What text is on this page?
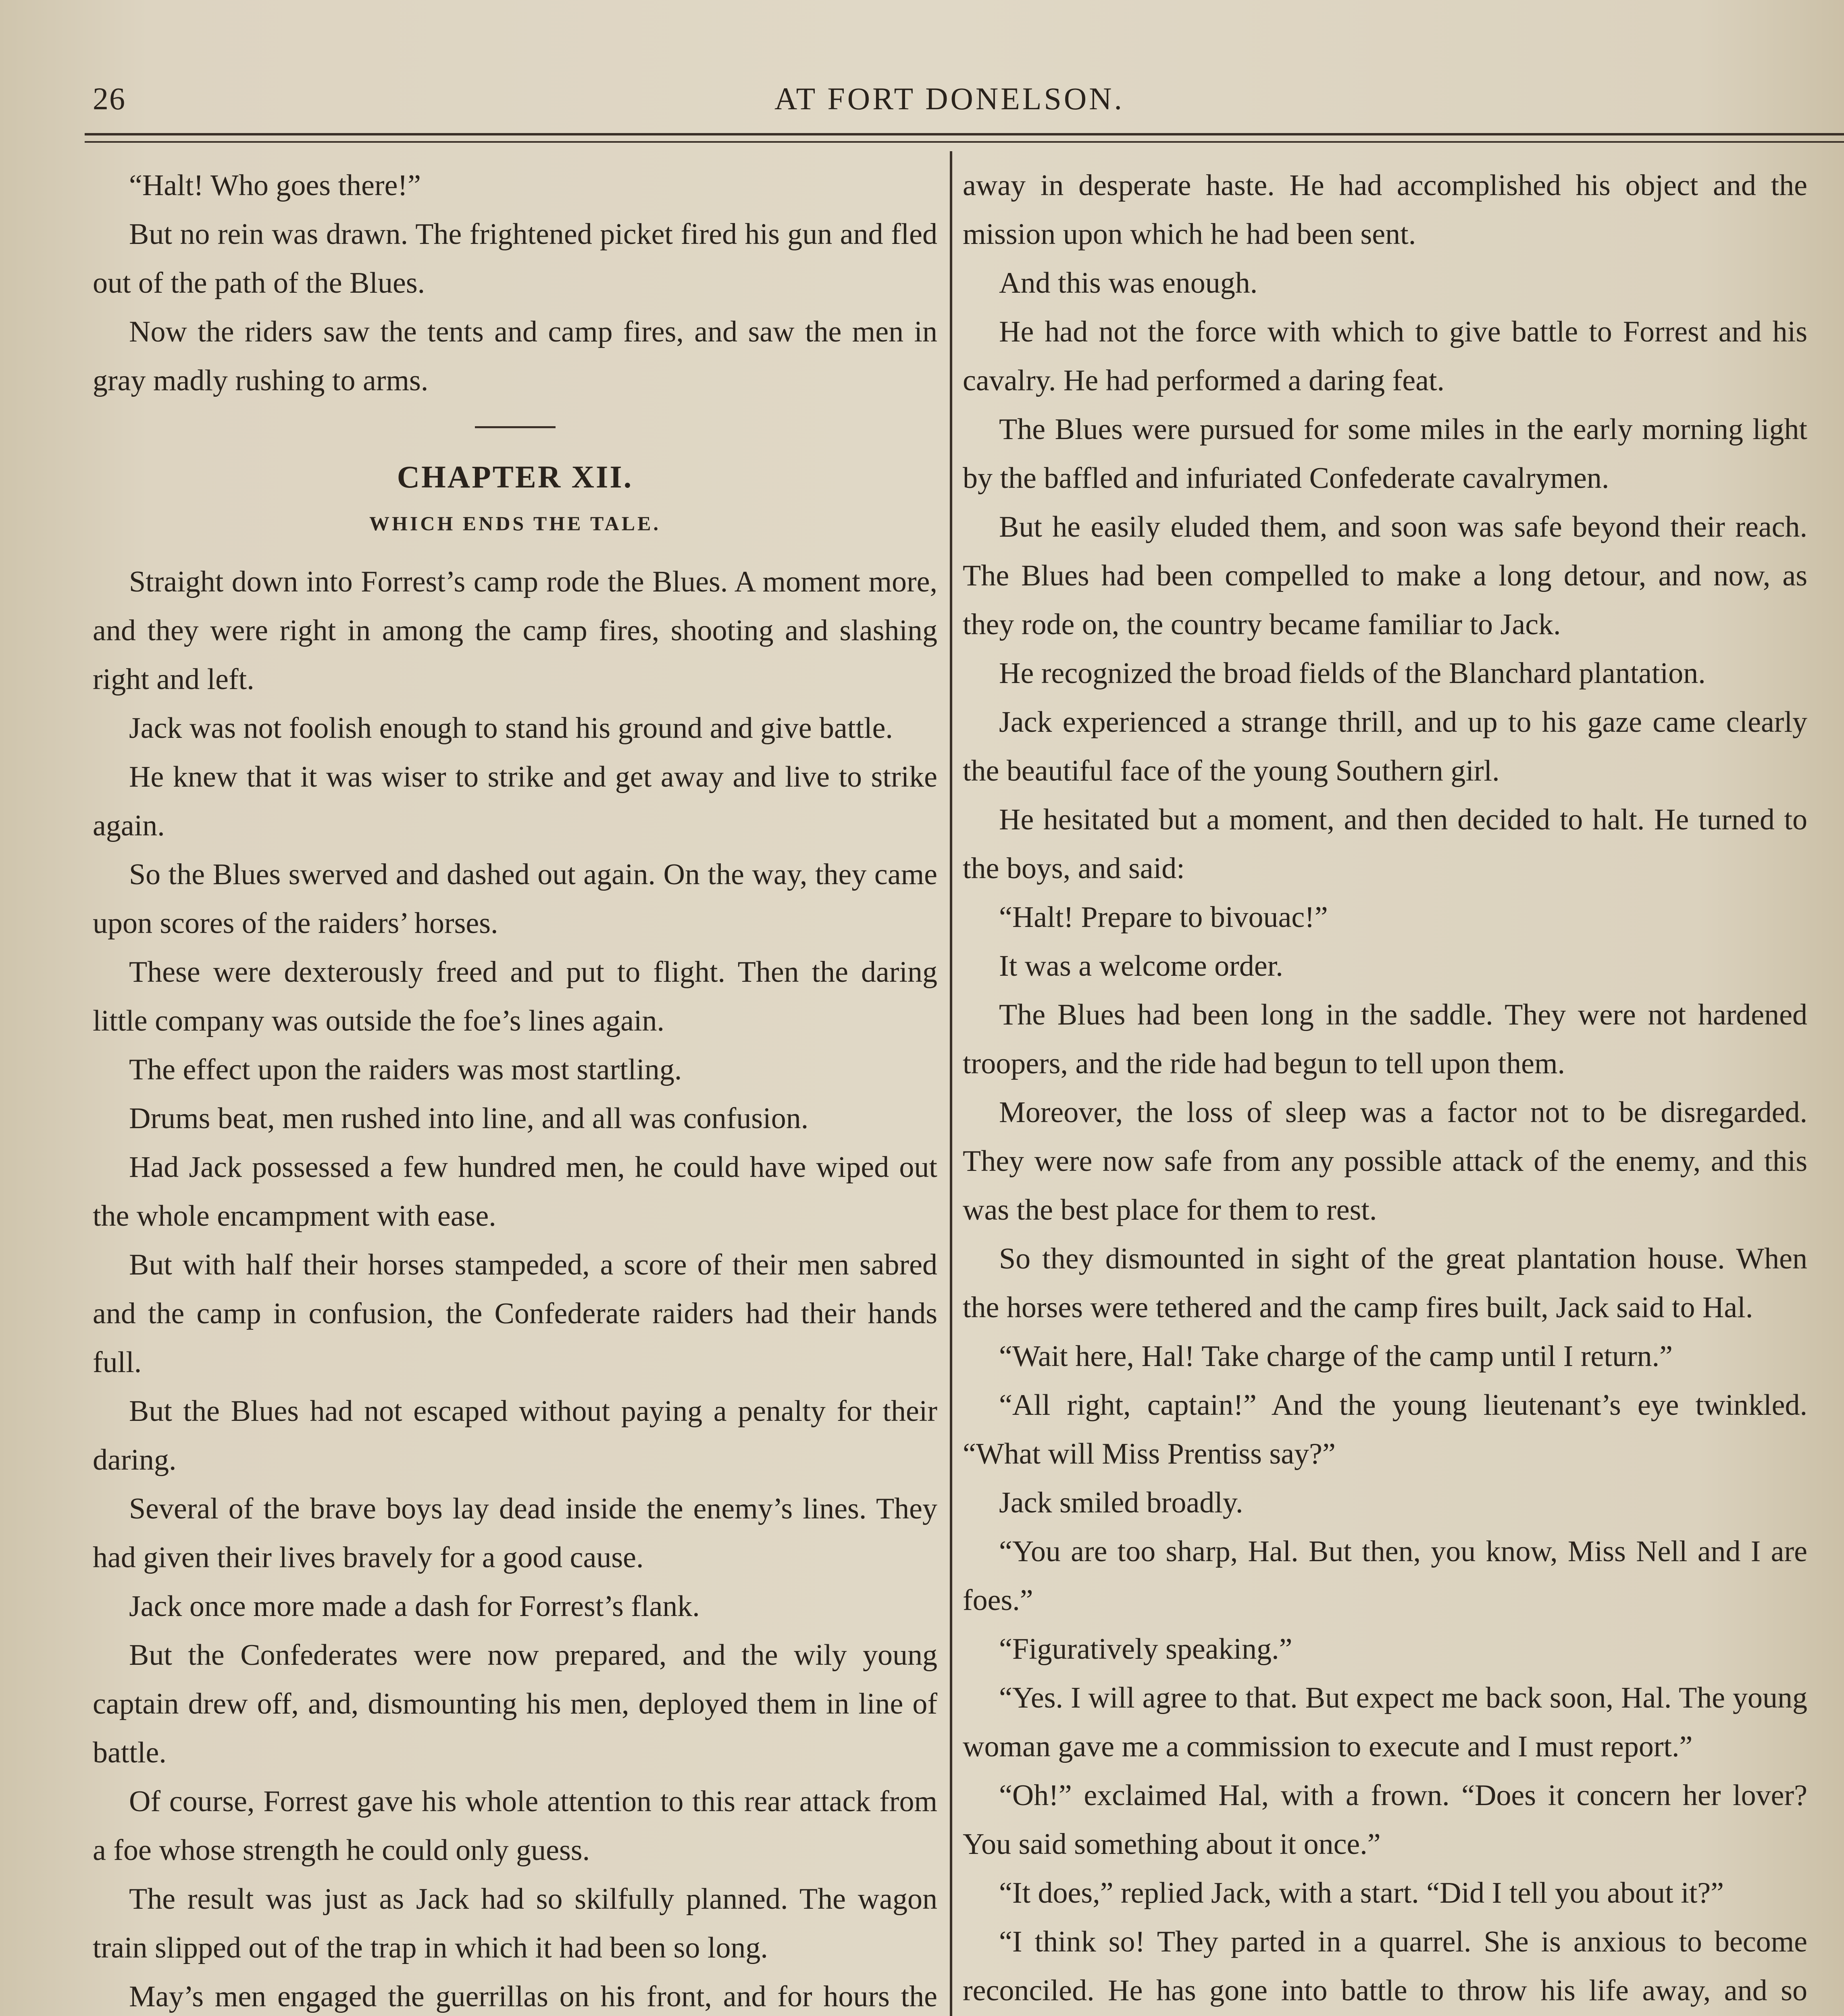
26	AT FORT DONELSON.

“Halt! Who goes there!”

But no rein was drawn. The frightened picket fired his gun and fled out of the path of the Blues.

Now the riders saw the tents and camp fires, and saw the men in gray madly rushing to arms.

CHAPTER XII.
WHICH ENDS THE TALE.

Straight down into Forrest’s camp rode the Blues. A moment more, and they were right in among the camp fires, shooting and slashing right and left.

Jack was not foolish enough to stand his ground and give battle.

He knew that it was wiser to strike and get away and live to strike again.

So the Blues swerved and dashed out again. On the way, they came upon scores of the raiders’ horses.

These were dexterously freed and put to flight. Then the daring little company was outside the foe’s lines again.

The effect upon the raiders was most startling.

Drums beat, men rushed into line, and all was confusion.

Had Jack possessed a few hundred men, he could have wiped out the whole encampment with ease.

But with half their horses stampeded, a score of their men sabred and the camp in confusion, the Confederate raiders had their hands full.

But the Blues had not escaped without paying a penalty for their daring.

Several of the brave boys lay dead inside the enemy’s lines. They had given their lives bravely for a good cause.

Jack once more made a dash for Forrest’s flank.

But the Confederates were now prepared, and the wily young captain drew off, and, dismounting his men, deployed them in line of battle.

Of course, Forrest gave his whole attention to this rear attack from a foe whose strength he could only guess.

The result was just as Jack had so skilfully planned. The wagon train slipped out of the trap in which it had been so long.

May’s men engaged the guerrillas on his front, and for hours the

away in desperate haste. He had accomplished his object and the mission upon which he had been sent.

And this was enough.

He had not the force with which to give battle to Forrest and his cavalry. He had performed a daring feat.

The Blues were pursued for some miles in the early morning light by the baffled and infuriated Confederate cavalrymen.

But he easily eluded them, and soon was safe beyond their reach. The Blues had been compelled to make a long detour, and now, as they rode on, the country became familiar to Jack.

He recognized the broad fields of the Blanchard plantation.

Jack experienced a strange thrill, and up to his gaze came clearly the beautiful face of the young Southern girl.

He hesitated but a moment, and then decided to halt. He turned to the boys, and said:

“Halt! Prepare to bivouac!”

It was a welcome order.

The Blues had been long in the saddle. They were not hardened troopers, and the ride had begun to tell upon them.

Moreover, the loss of sleep was a factor not to be disregarded. They were now safe from any possible attack of the enemy, and this was the best place for them to rest.

So they dismounted in sight of the great plantation house. When the horses were tethered and the camp fires built, Jack said to Hal.

“Wait here, Hal! Take charge of the camp until I return.”

“All right, captain!” And the young lieutenant’s eye twinkled. “What will Miss Prentiss say?”

Jack smiled broadly.

“You are too sharp, Hal. But then, you know, Miss Nell and I are foes.”

“Figuratively speaking.”

“Yes. I will agree to that. But expect me back soon, Hal. The young woman gave me a commission to execute and I must report.”

“Oh!” exclaimed Hal, with a frown. “Does it concern her lover? You said something about it once.”

“It does,” replied Jack, with a start. “Did I tell you about it?”

“I think so! They parted in a quarrel. She is anxious to become reconciled. He has gone into battle to throw his life away, and so
